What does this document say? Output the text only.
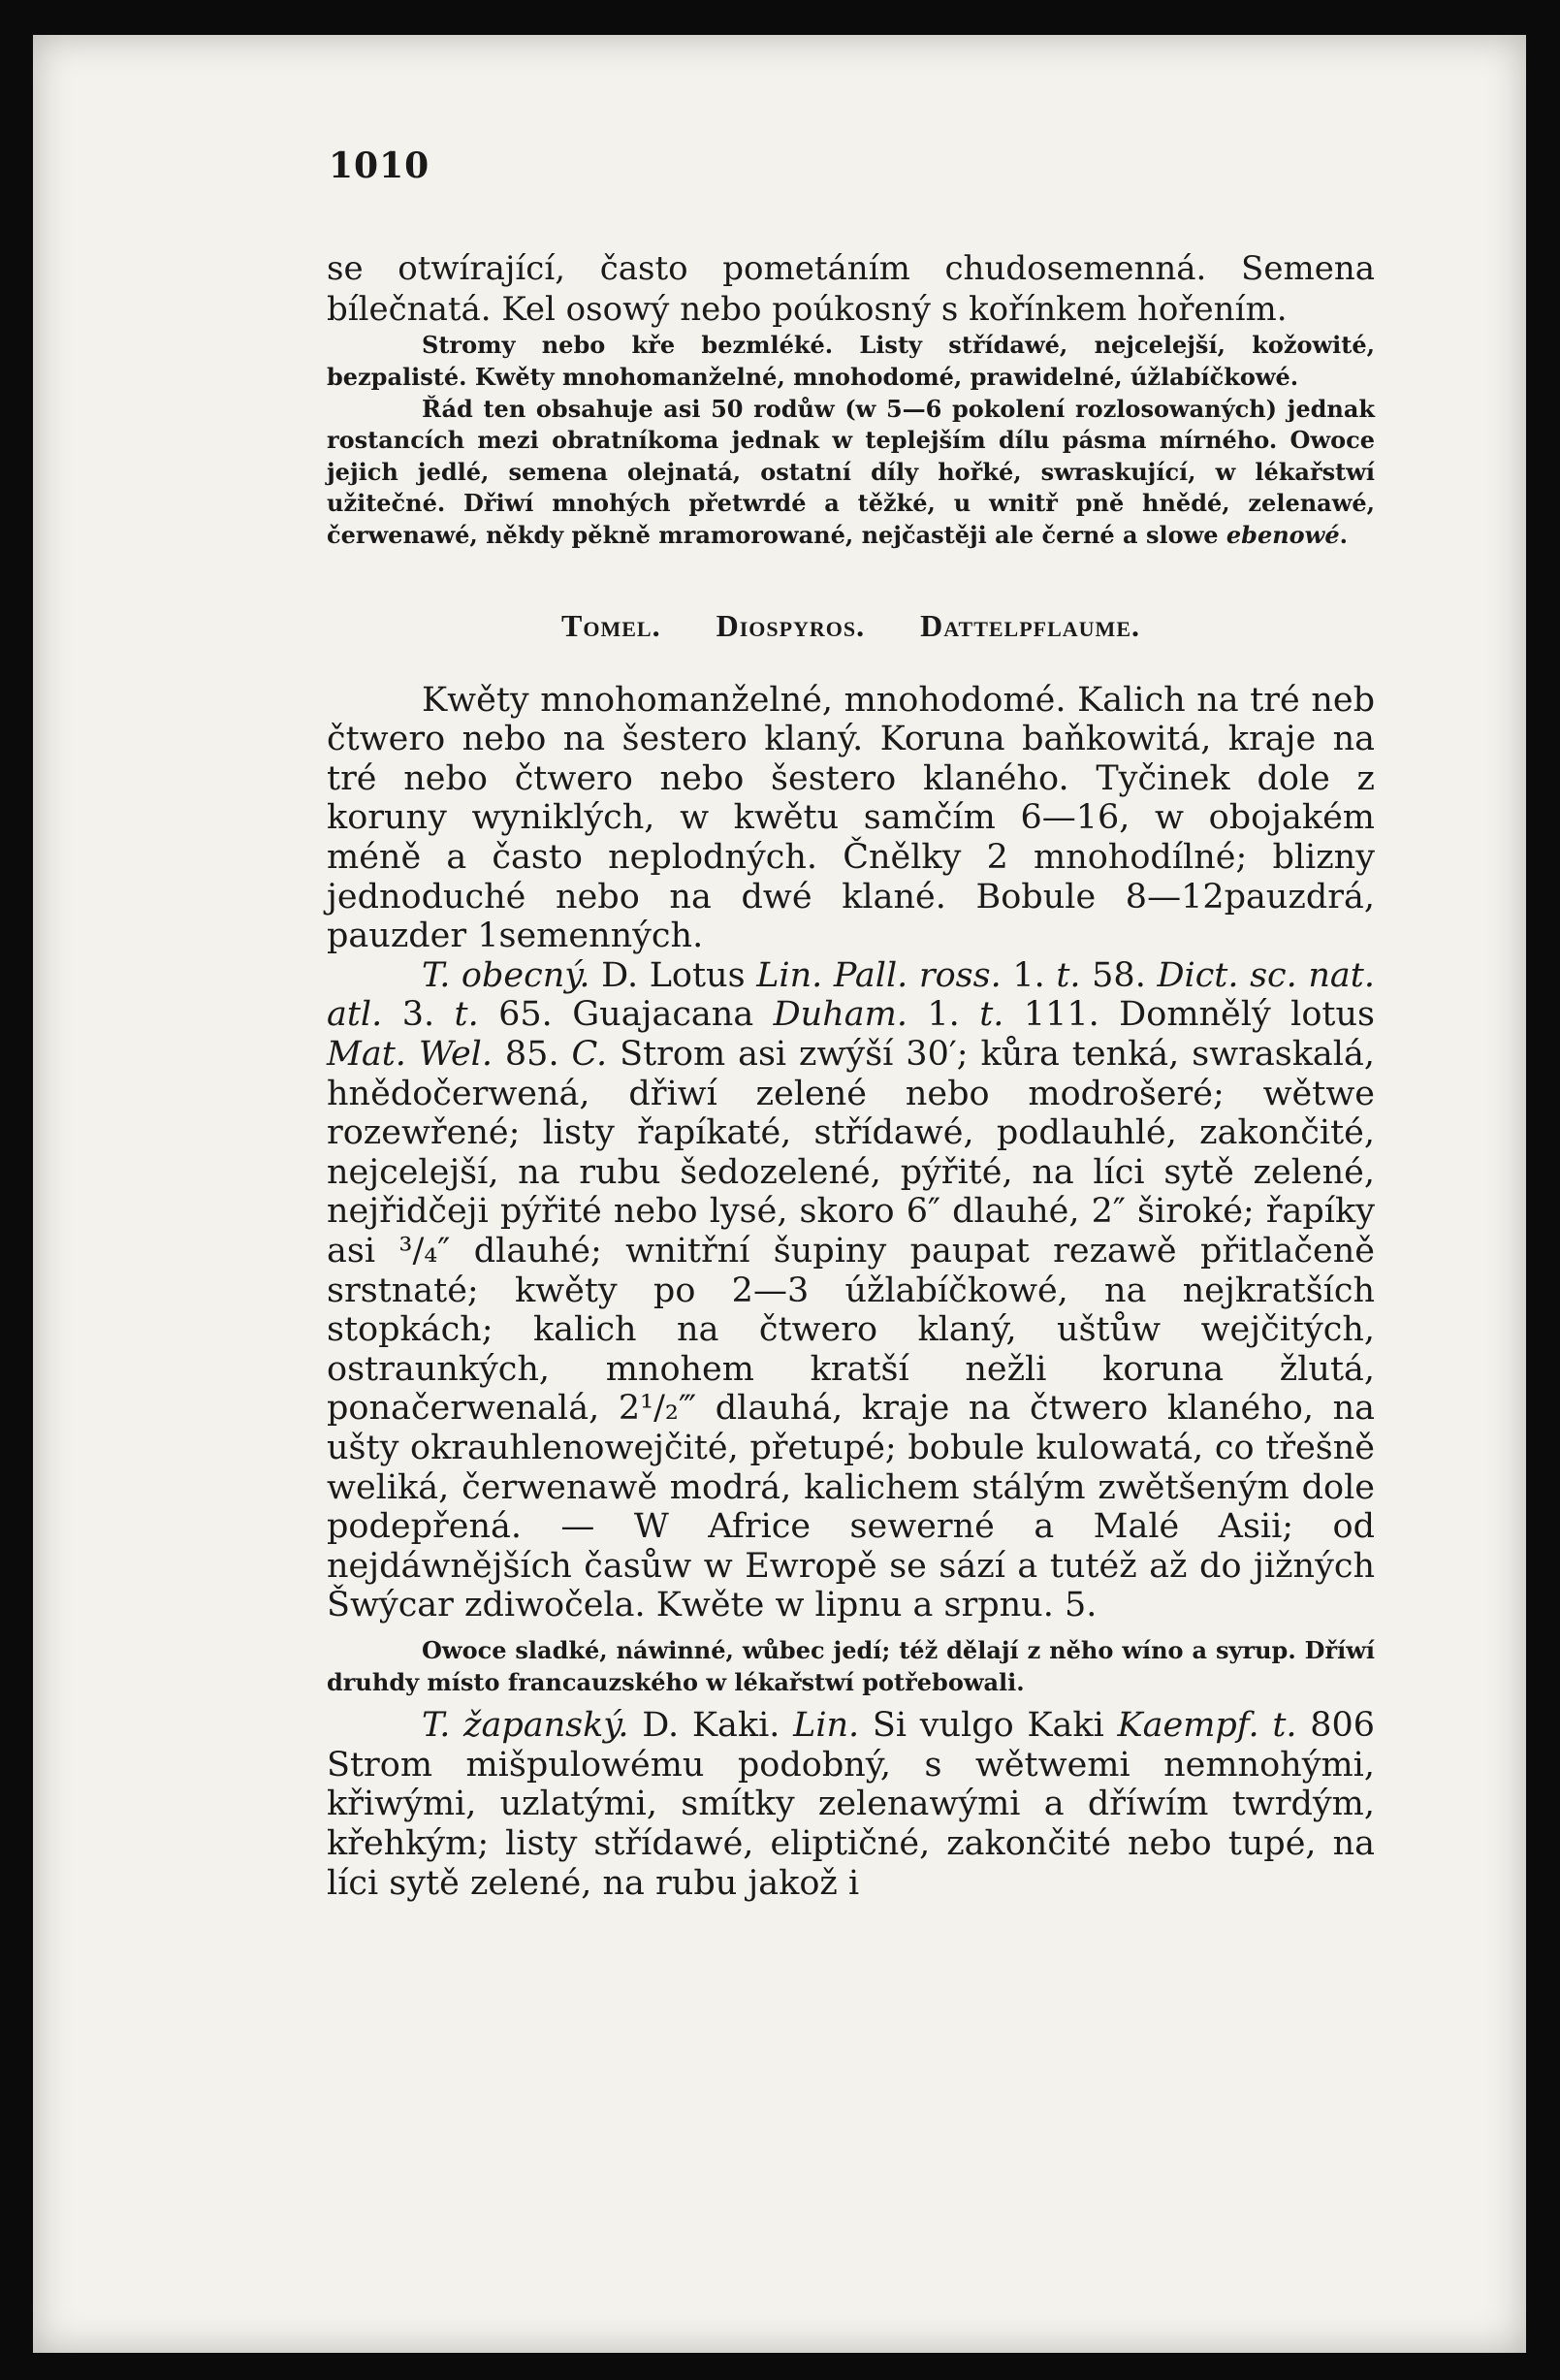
1010

se otwírající, často pometáním chudosemenná. Semena bílečnatá. Kel osowý nebo poúkosný s kořínkem hořením.

Stromy nebo kře bezmléké. Listy střídawé, nejcelejší, kožowité, bezpalisté. Kwěty mnohomanželné, mnohodomé, prawidelné, úžlabíčkowé.

Řád ten obsahuje asi 50 rodůw (w 5—6 pokolení rozlosowaných) jednak rostancích mezi obratníkoma jednak w teplejším dílu pásma mírného. Owoce jejich jedlé, semena olejnatá, ostatní díly hořké, swraskující, w lékařstwí užitečné. Dřiwí mnohých přetwrdé a těžké, u wnitř pně hnědé, zelenawé, čerwenawé, někdy pěkně mramorowané, nejčastěji ale černé a slowe ebenowé.

Tomel. Diospyros. Dattelpflaume.

Kwěty mnohomanželné, mnohodomé. Kalich na tré neb čtwero nebo na šestero klaný. Koruna baňkowitá, kraje na tré nebo čtwero nebo šestero klaného. Tyčinek dole z koruny wyniklých, w kwětu samčím 6—16, w obojakém méně a často neplodných. Čnělky 2 mnohodílné; blizny jednoduché nebo na dwé klané. Bobule 8—12pauzdrá, pauzder 1semenných.

T. obecný. D. Lotus Lin. Pall. ross. 1. t. 58. Dict. sc. nat. atl. 3. t. 65. Guajacana Duham. 1. t. 111. Domnělý lotus Mat. Wel. 85. C. Strom asi zwýší 30′; kůra tenká, swraskalá, hnědočerwená, dřiwí zelené nebo modrošeré; wětwe rozewřené; listy řapíkaté, střídawé, podlauhlé, zakončité, nejcelejší, na rubu šedozelené, pýřité, na líci sytě zelené, nejřidčeji pýřité nebo lysé, skoro 6″ dlauhé, 2″ široké; řapíky asi ³/₄″ dlauhé; wnitřní šupiny paupat rezawě přitlačeně srstnaté; kwěty po 2—3 úžlabíčkowé, na nejkratších stopkách; kalich na čtwero klaný, uštůw wejčitých, ostraunkých, mnohem kratší nežli koruna žlutá, ponačerwenalá, 2¹/₂‴ dlauhá, kraje na čtwero klaného, na ušty okrauhlenowejčité, přetupé; bobule kulowatá, co třešně weliká, čerwenawě modrá, kalichem stálým zwětšeným dole podepřená. — W Africe sewerné a Malé Asii; od nejdáwnějších časůw w Ewropě se sází a tutéž až do jižných Šwýcar zdiwočela. Kwěte w lipnu a srpnu. 5.

Owoce sladké, náwinné, wůbec jedí; též dělají z něho wíno a syrup. Dříwí druhdy místo francauzského w lékařstwí potřebowali.

T. žapanský. D. Kaki. Lin. Si vulgo Kaki Kaempf. t. 806 Strom mišpulowému podobný, s wětwemi nemnohými, křiwými, uzlatými, smítky zelenawými a dříwím twrdým, křehkým; listy střídawé, eliptičné, zakončité nebo tupé, na líci sytě zelené, na rubu jakož i
